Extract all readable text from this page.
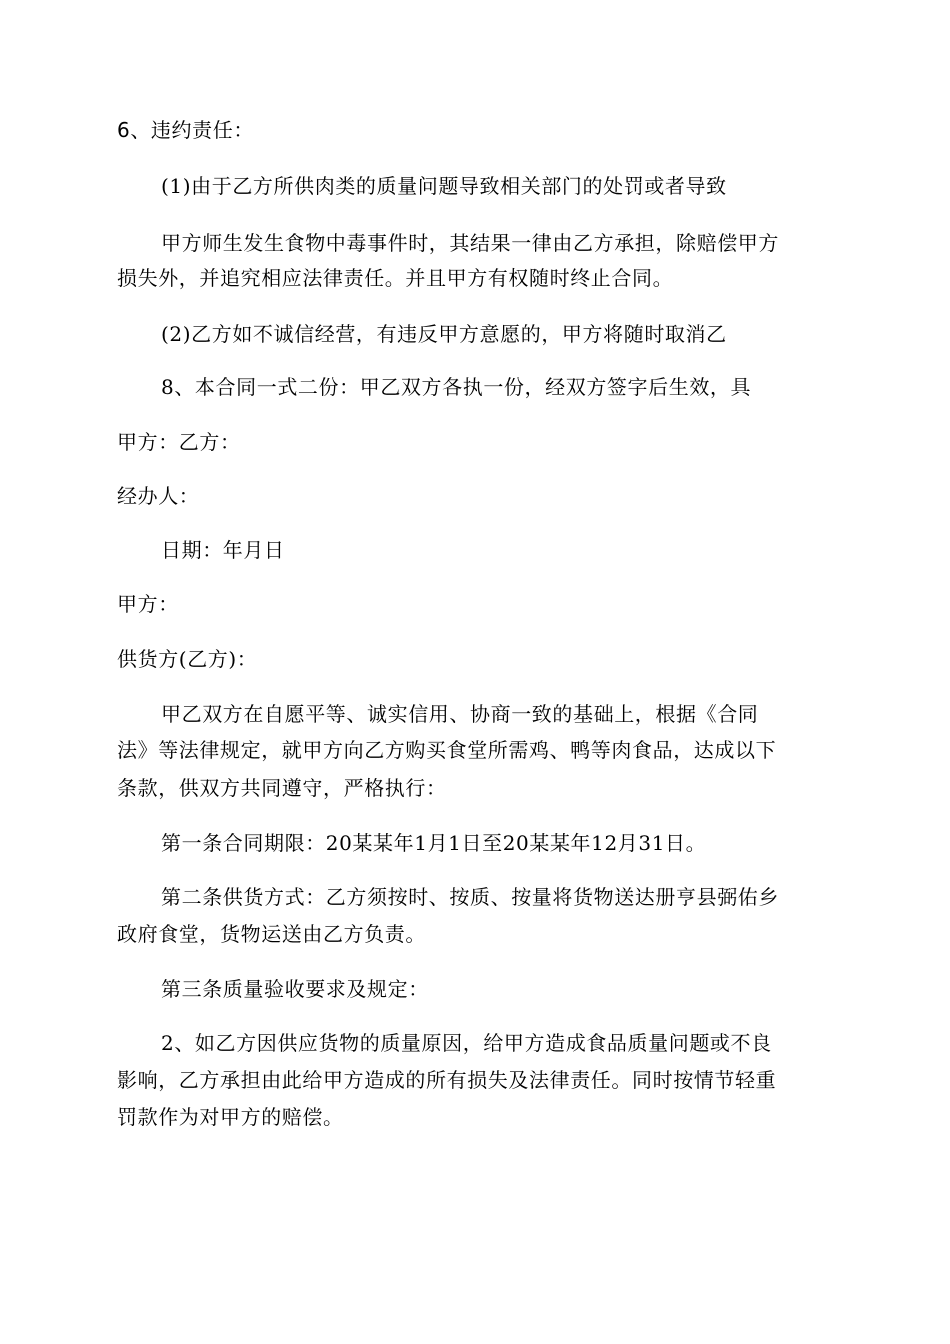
6、违约责任：
(1)由于乙方所供肉类的质量问题导致相关部门的处罚或者导致
甲方师生发生食物中毒事件时，其结果一律由乙方承担，除赔偿甲方
损失外，并追究相应法律责任。并且甲方有权随时终止合同。
(2)乙方如不诚信经营，有违反甲方意愿的，甲方将随时取消乙
8、本合同一式二份：甲乙双方各执一份，经双方签字后生效，具
甲方：乙方：
经办人：
日期：年月日
甲方：
供货方(乙方)：
甲乙双方在自愿平等、诚实信用、协商一致的基础上，根据《合同
法》等法律规定，就甲方向乙方购买食堂所需鸡、鸭等肉食品，达成以下
条款，供双方共同遵守，严格执行：
第一条合同期限：20某某年1月1日至20某某年12月31日。
第二条供货方式：乙方须按时、按质、按量将货物送达册亨县弼佑乡
政府食堂，货物运送由乙方负责。
第三条质量验收要求及规定：
2、如乙方因供应货物的质量原因，给甲方造成食品质量问题或不良
影响，乙方承担由此给甲方造成的所有损失及法律责任。同时按情节轻重
罚款作为对甲方的赔偿。
